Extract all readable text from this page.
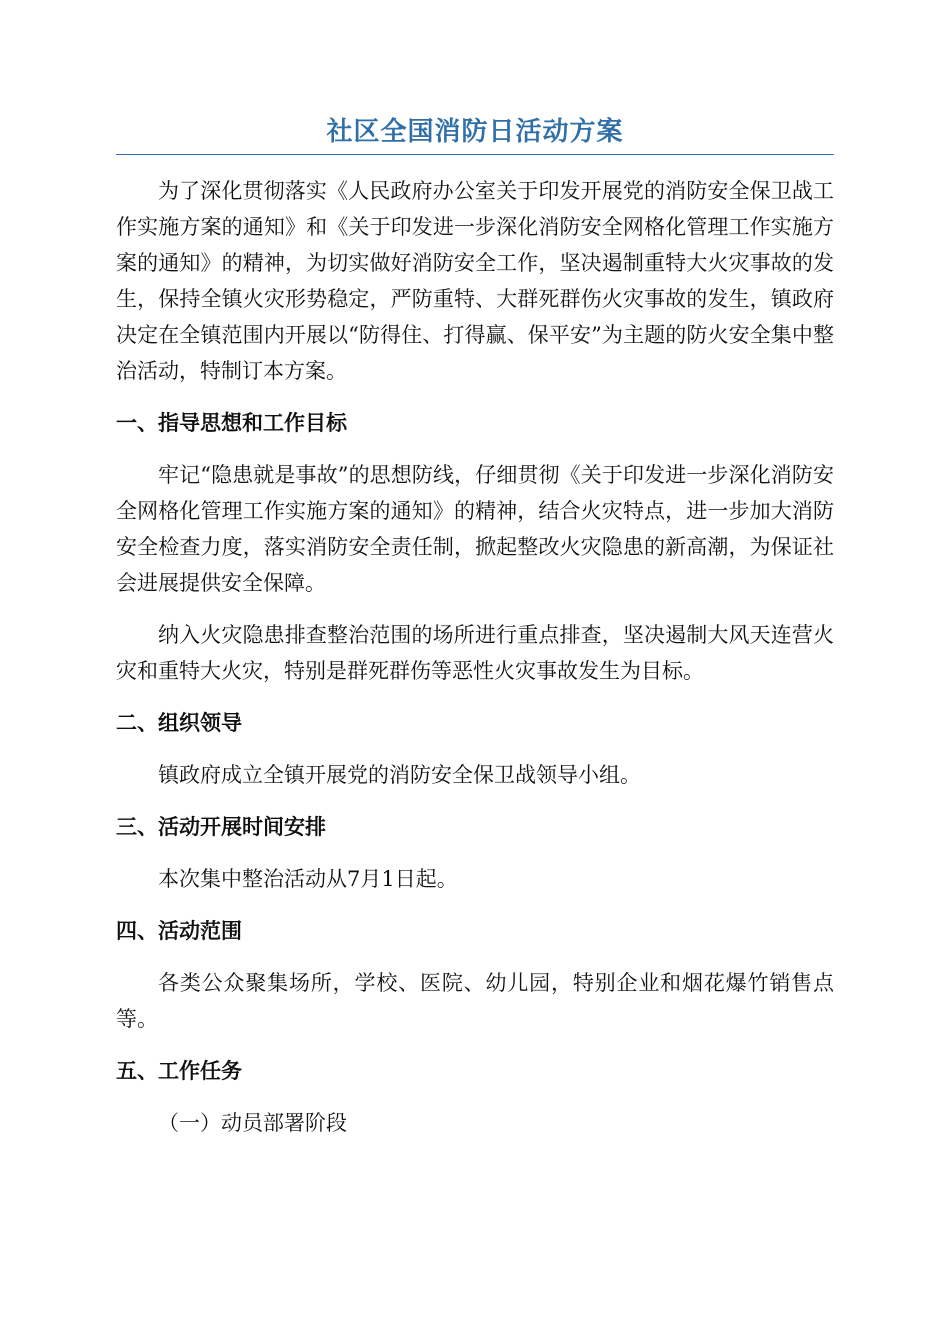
社区全国消防日活动方案

为了深化贯彻落实《人民政府办公室关于印发开展党的消防安全保卫战工作实施方案的通知》和《关于印发进一步深化消防安全网格化管理工作实施方案的通知》的精神，为切实做好消防安全工作，坚决遏制重特大火灾事故的发生，保持全镇火灾形势稳定，严防重特、大群死群伤火灾事故的发生，镇政府决定在全镇范围内开展以“防得住、打得赢、保平安”为主题的防火安全集中整治活动，特制订本方案。

一、指导思想和工作目标

牢记“隐患就是事故”的思想防线，仔细贯彻《关于印发进一步深化消防安全网格化管理工作实施方案的通知》的精神，结合火灾特点，进一步加大消防安全检查力度，落实消防安全责任制，掀起整改火灾隐患的新高潮，为保证社会进展提供安全保障。

纳入火灾隐患排查整治范围的场所进行重点排查，坚决遏制大风天连营火灾和重特大火灾，特别是群死群伤等恶性火灾事故发生为目标。

二、组织领导

镇政府成立全镇开展党的消防安全保卫战领导小组。

三、活动开展时间安排

本次集中整治活动从7月1日起。

四、活动范围

各类公众聚集场所，学校、医院、幼儿园，特别企业和烟花爆竹销售点等。

五、工作任务

（一）动员部署阶段
